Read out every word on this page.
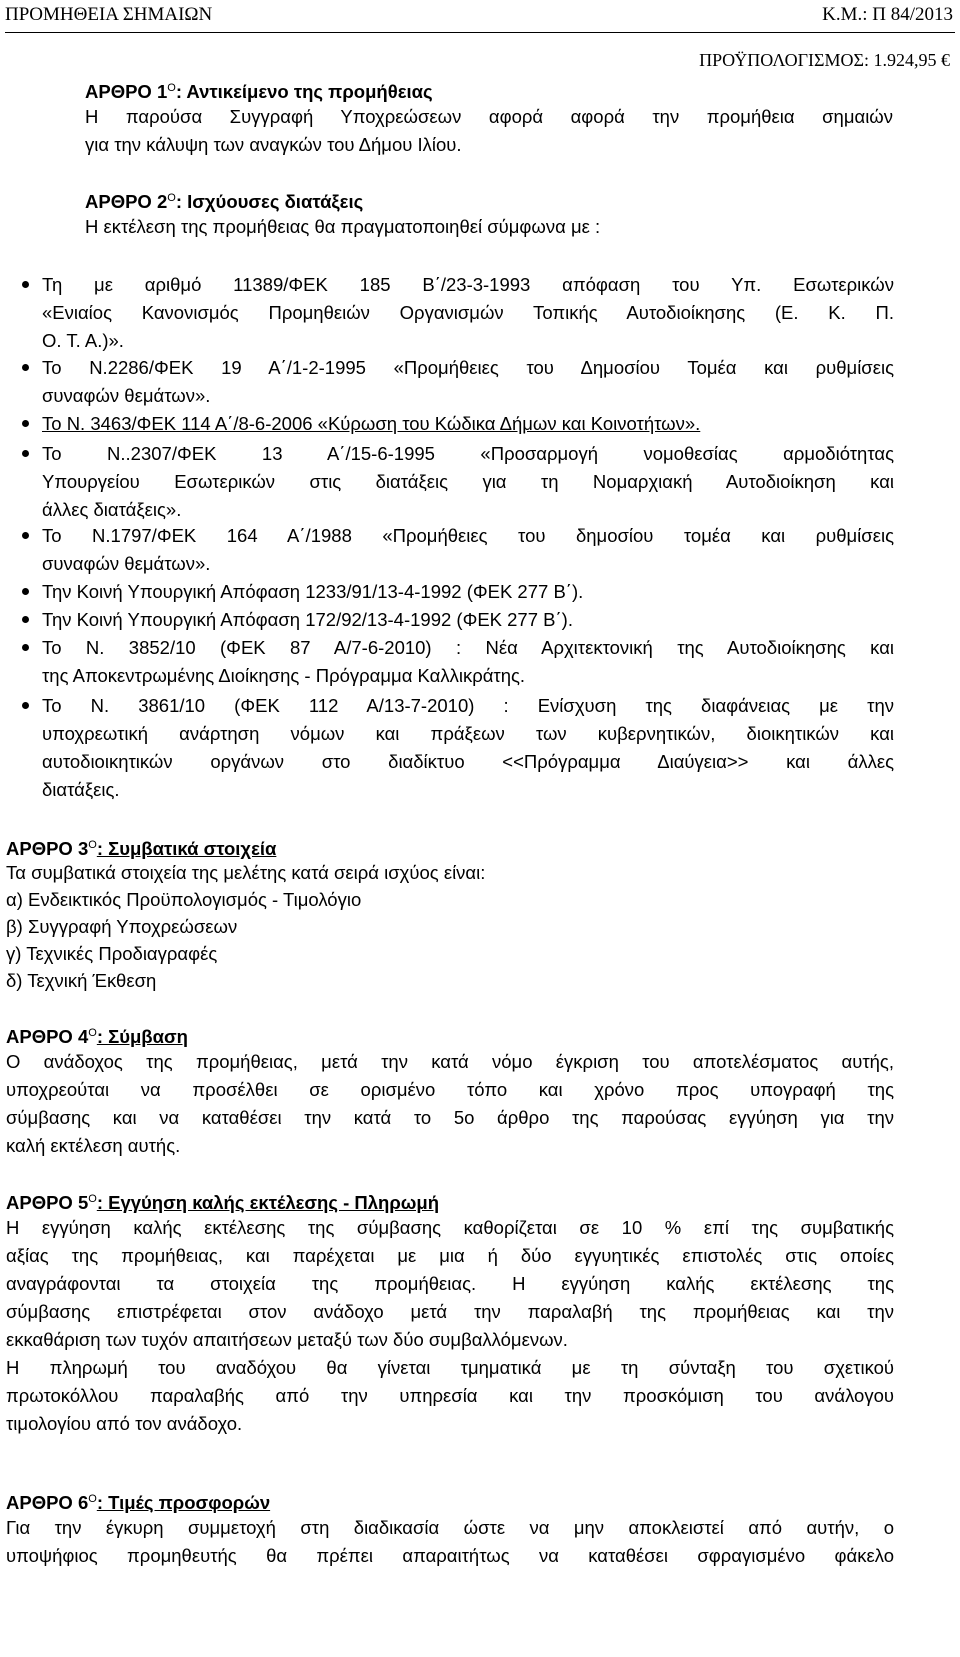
ΠΡΟΜΗΘΕΙΑ ΣΗΜΑΙΩΝ	Κ.Μ.: Π 84/2013
ΠΡΟΫΠΟΛΟΓΙΣΜΟΣ: 1.924,95 €
ΑΡΘΡΟ $1^O$: Αντικείμενο της προμήθειας
Η παρούσα Συγγραφή Υποχρεώσεων αφορά αφορά την προμήθεια σημαιών
για την κάλυψη των αναγκών του Δήμου Ιλίου.
ΑΡΘΡΟ $2^O$: Ισχύουσες διατάξεις
Η εκτέλεση της προμήθειας θα πραγματοποιηθεί σύμφωνα με :
Τη με αριθμό 11389/ΦΕΚ 185 Β΄/23-3-1993 απόφαση του Υπ. Εσωτερικών
«Ενιαίος Κανονισμός Προμηθειών Οργανισμών Τοπικής Αυτοδιοίκησης (Ε. Κ. Π.
Ο. Τ. Α.)».
Το Ν.2286/ΦΕΚ 19 Α΄/1-2-1995 «Προμήθειες του Δημοσίου Τομέα και ρυθμίσεις
συναφών θεμάτων».
Το Ν. 3463/ΦΕΚ 114 Α΄/8-6-2006 «Κύρωση του Κώδικα Δήμων και Κοινοτήτων».
Το Ν..2307/ΦΕΚ 13 Α΄/15-6-1995 «Προσαρμογή νομοθεσίας αρμοδιότητας
Υπουργείου Εσωτερικών στις διατάξεις για τη Νομαρχιακή Αυτοδιοίκηση και
άλλες διατάξεις».
Το Ν.1797/ΦΕΚ 164 Α΄/1988 «Προμήθειες του δημοσίου τομέα και ρυθμίσεις
συναφών θεμάτων».
Την Κοινή Υπουργική Απόφαση 1233/91/13-4-1992 (ΦΕΚ 277 Β΄).
Την Κοινή Υπουργική Απόφαση 172/92/13-4-1992 (ΦΕΚ 277 Β΄).
Το Ν. 3852/10 (ΦΕΚ 87 Α/7-6-2010) : Νέα Αρχιτεκτονική της Αυτοδιοίκησης και
της Αποκεντρωμένης Διοίκησης - Πρόγραμμα Καλλικράτης.
Το Ν. 3861/10 (ΦΕΚ 112 Α/13-7-2010) : Ενίσχυση της διαφάνειας με την
υποχρεωτική ανάρτηση νόμων και πράξεων των κυβερνητικών, διοικητικών και
αυτοδιοικητικών οργάνων στο διαδίκτυο <<Πρόγραμμα Διαύγεια>> και άλλες
διατάξεις.
ΑΡΘΡΟ $3^O$: Συμβατικά στοιχεία
Τα συμβατικά στοιχεία της μελέτης κατά σειρά ισχύος είναι:
α) Ενδεικτικός Προϋπολογισμός - Τιμολόγιο
β) Συγγραφή Υποχρεώσεων
γ) Τεχνικές Προδιαγραφές
δ) Τεχνική Έκθεση
ΑΡΘΡΟ $4^O$: Σύμβαση
Ο ανάδοχος της προμήθειας, μετά την κατά νόμο έγκριση του αποτελέσματος αυτής,
υποχρεούται να προσέλθει σε ορισμένο τόπο και χρόνο προς υπογραφή της
σύμβασης και να καταθέσει την κατά το 5ο άρθρο της παρούσας εγγύηση για την
καλή εκτέλεση αυτής.
ΑΡΘΡΟ $5^O$: Εγγύηση καλής εκτέλεσης - Πληρωμή
Η εγγύηση καλής εκτέλεσης της σύμβασης καθορίζεται σε 10 % επί της συμβατικής
αξίας της προμήθειας, και παρέχεται με μια ή δύο εγγυητικές επιστολές στις οποίες
αναγράφονται τα στοιχεία της προμήθειας. Η εγγύηση καλής εκτέλεσης της
σύμβασης επιστρέφεται στον ανάδοχο μετά την παραλαβή της προμήθειας και την
εκκαθάριση των τυχόν απαιτήσεων μεταξύ των δύο συμβαλλόμενων.
Η πληρωμή του αναδόχου θα γίνεται τμηματικά με τη σύνταξη του σχετικού
πρωτοκόλλου παραλαβής από την υπηρεσία και την προσκόμιση του ανάλογου
τιμολογίου από τον ανάδοχο.
ΑΡΘΡΟ $6^O$: Τιμές προσφορών
Για την έγκυρη συμμετοχή στη διαδικασία ώστε να μην αποκλειστεί από αυτήν, ο
υποψήφιος προμηθευτής θα πρέπει απαραιτήτως να καταθέσει σφραγισμένο φάκελο
